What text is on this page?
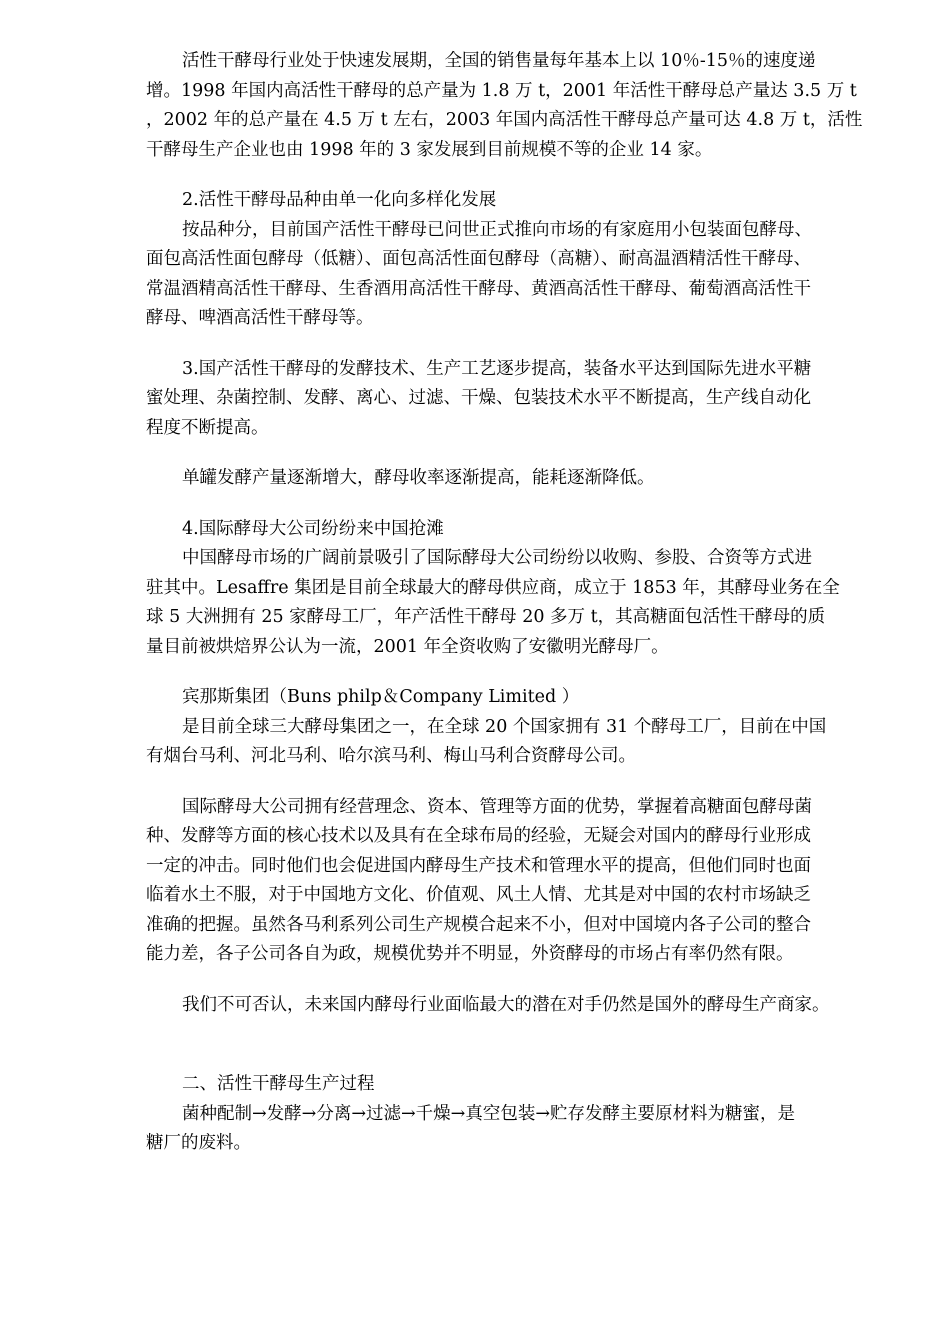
活性干酵母行业处于快速发展期，全国的销售量每年基本上以 10％-15％的速度递
增。1998 年国内高活性干酵母的总产量为 1.8 万 t，2001 年活性干酵母总产量达 3.5 万 t
，2002 年的总产量在 4.5 万 t 左右，2003 年国内高活性干酵母总产量可达 4.8 万 t，活性
干酵母生产企业也由 1998 年的 3 家发展到目前规模不等的企业 14 家。
2.活性干酵母品种由单一化向多样化发展
按品种分，目前国产活性干酵母已问世正式推向市场的有家庭用小包装面包酵母、
面包高活性面包酵母（低糖）、面包高活性面包酵母（高糖）、耐高温酒精活性干酵母、
常温酒精高活性干酵母、生香酒用高活性干酵母、黄酒高活性干酵母、葡萄酒高活性干
酵母、啤酒高活性干酵母等。
3.国产活性干酵母的发酵技术、生产工艺逐步提高，装备水平达到国际先进水平糖
蜜处理、杂菌控制、发酵、离心、过滤、干燥、包装技术水平不断提高，生产线自动化
程度不断提高。
单罐发酵产量逐渐增大，酵母收率逐渐提高，能耗逐渐降低。
4.国际酵母大公司纷纷来中国抢滩
中国酵母市场的广阔前景吸引了国际酵母大公司纷纷以收购、参股、合资等方式进
驻其中。Lesaffre 集团是目前全球最大的酵母供应商，成立于 1853 年，其酵母业务在全
球 5 大洲拥有 25 家酵母工厂，年产活性干酵母 20 多万 t，其高糖面包活性干酵母的质
量目前被烘焙界公认为一流，2001 年全资收购了安徽明光酵母厂。
宾那斯集团（Buns philp＆Company Limited ）
是目前全球三大酵母集团之一，在全球 20 个国家拥有 31 个酵母工厂，目前在中国
有烟台马利、河北马利、哈尔滨马利、梅山马利合资酵母公司。
国际酵母大公司拥有经营理念、资本、管理等方面的优势，掌握着高糖面包酵母菌
种、发酵等方面的核心技术以及具有在全球布局的经验，无疑会对国内的酵母行业形成
一定的冲击。同时他们也会促进国内酵母生产技术和管理水平的提高，但他们同时也面
临着水土不服，对于中国地方文化、价值观、风土人情、尤其是对中国的农村市场缺乏
准确的把握。虽然各马利系列公司生产规模合起来不小，但对中国境内各子公司的整合
能力差，各子公司各自为政，规模优势并不明显，外资酵母的市场占有率仍然有限。
我们不可否认，未来国内酵母行业面临最大的潜在对手仍然是国外的酵母生产商家。
二、活性干酵母生产过程
菌种配制→发酵→分离→过滤→千燥→真空包装→贮存发酵主要原材料为糖蜜，是
糖厂的废料。
